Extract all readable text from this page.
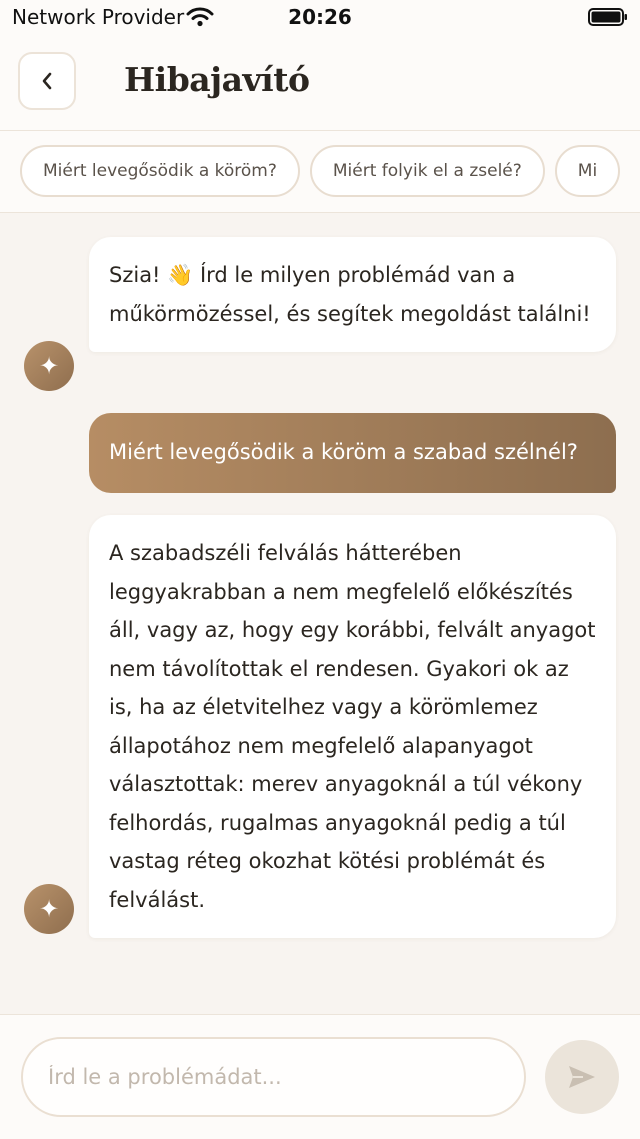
Network Provider	20:26
Hibajavító
Miért levegősödik a köröm?	Miért folyik el a zselé?	Mi
Szia! 👋 Írd le milyen problémád van a műkörmözéssel, és segítek megoldást találni!
✦
Miért levegősödik a köröm a szabad szélnél?
A szabadszéli felválás hátterében leggyakrabban a nem megfelelő előkészítés áll, vagy az, hogy egy korábbi, felvált anyagot nem távolítottak el rendesen. Gyakori ok az is, ha az életvitelhez vagy a körömlemez állapotához nem megfelelő alapanyagot választottak: merev anyagoknál a túl vékony felhordás, rugalmas anyagoknál pedig a túl vastag réteg okozhat kötési problémát és felválást.
✦
Írd le a problémádat...
